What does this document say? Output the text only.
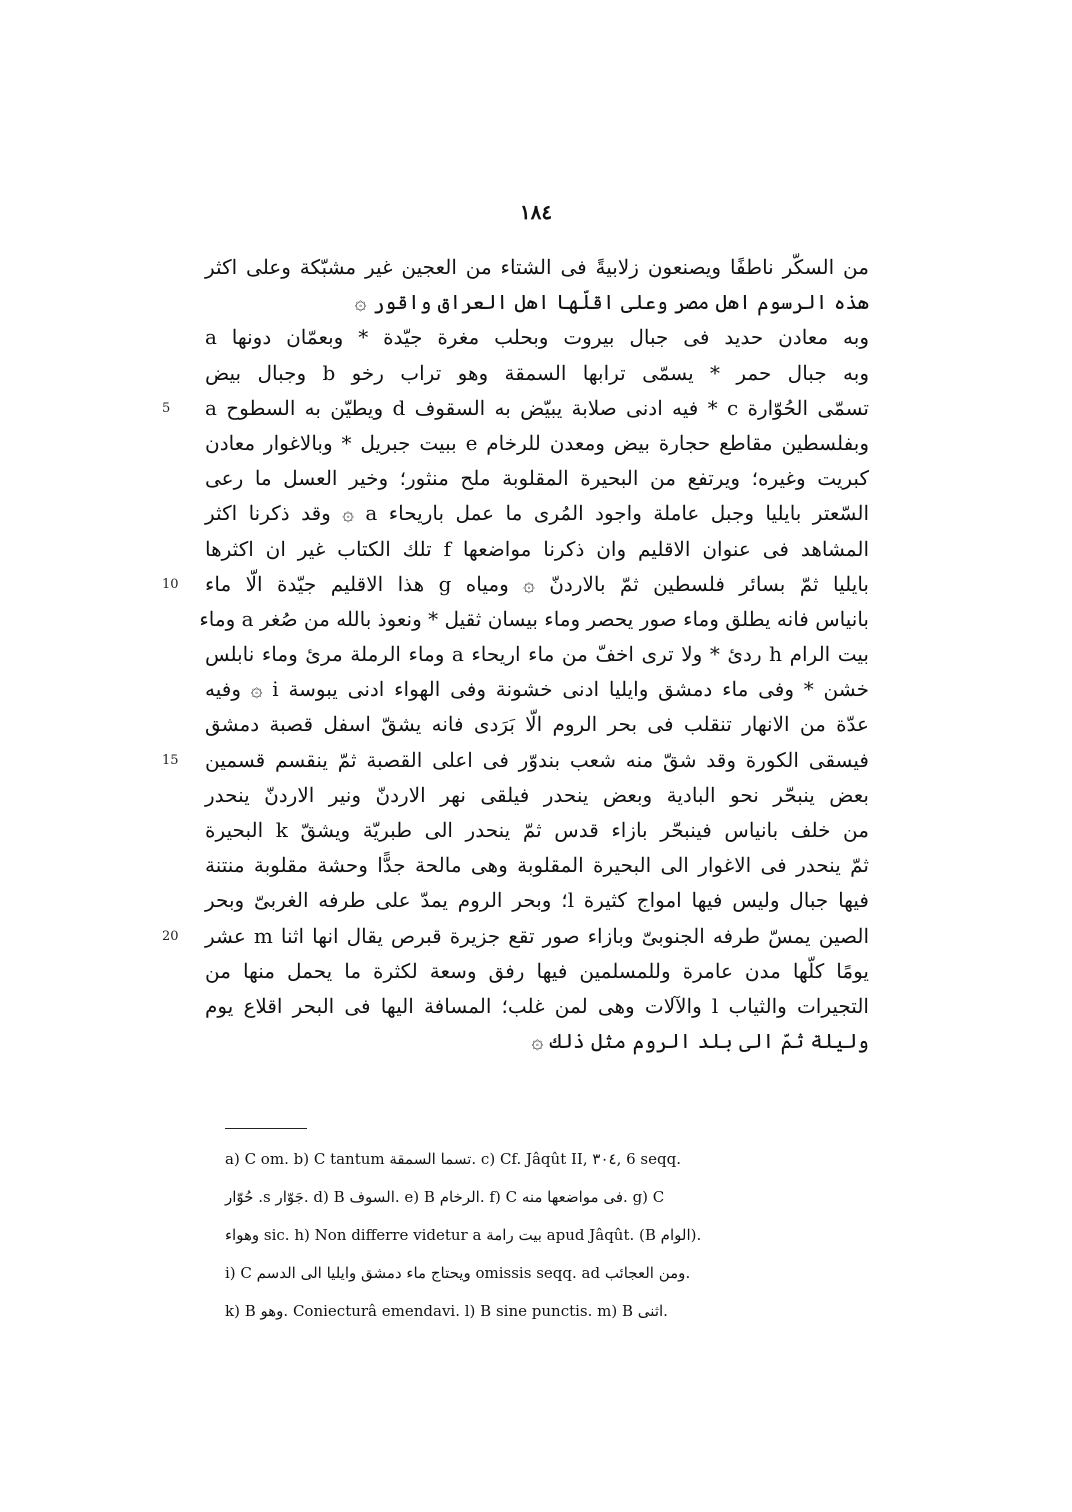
١٨٤
من السكّر ناطفًا ويصنعون زلابيةً فى الشتاء من العجين غير مشبّكة وعلى اكثر
هذه الرسوم اهل مصر وعلى اقلّها اهل العراق واقور ۞
وبه معادن حديد فى جبال بيروت وبحلب مغرة جيّدة * وبعمّان دونها a
وبه جبال حمر * يسمّى ترابها السمقة وهو تراب رخو b وجبال بيض
5	تسمّى الحُوّارة c * فيه ادنى صلابة يبيّض به السقوف d ويطيّن به السطوح a
وبفلسطين مقاطع حجارة بيض ومعدن للرخام e ببيت جبريل * وبالاغوار معادن
كبريت وغيره؛ ويرتفع من البحيرة المقلوبة ملح منثور؛ وخير العسل ما رعى
السّعتر بايليا وجبل عاملة واجود المُرى ما عمل باريحاء a ۞ وقد ذكرنا اكثر
المشاهد فى عنوان الاقليم وان ذكرنا مواضعها f تلك الكتاب غير ان اكثرها
10	بايليا ثمّ بسائر فلسطين ثمّ بالاردنّ ۞ ومياه g هذا الاقليم جيّدة الّا ماء
بانياس فانه يطلق وماء صور يحصر وماء بيسان ثقيل * ونعوذ بالله من صُغر a وماء
بيت الرام h ردئ * ولا ترى اخفّ من ماء اريحاء a وماء الرملة مرئ وماء نابلس
خشن * وفى ماء دمشق وايليا ادنى خشونة وفى الهواء ادنى يبوسة i ۞ وفيه
عدّة من الانهار تنقلب فى بحر الروم الّا بَرَدى فانه يشقّ اسفل قصبة دمشق
15	فيسقى الكورة وقد شقّ منه شعب بندوّر فى اعلى القصبة ثمّ ينقسم قسمين
بعض ينبحّر نحو البادية وبعض ينحدر فيلقى نهر الاردنّ ونير الاردنّ ينحدر
من خلف بانياس فينبحّر بازاء قدس ثمّ ينحدر الى طبريّة ويشقّ k البحيرة
ثمّ ينحدر فى الاغوار الى البحيرة المقلوبة وهى مالحة جدًّا وحشة مقلوبة منتنة
فيها جبال وليس فيها امواج كثيرة l؛ وبحر الروم يمدّ على طرفه الغربىّ وبحر
20	الصين يمسّ طرفه الجنوبىّ وبازاء صور تقع جزيرة قبرص يقال انها اثنا m عشر
يومًا كلّها مدن عامرة وللمسلمين فيها رفق وسعة لكثرة ما يحمل منها من
التجيرات والثياب l والآلات وهى لمن غلب؛ المسافة اليها فى البحر اقلاع يوم
وليلة ثمّ الى بلد الروم مثل ذلك ۞
a) C om. b) C tantum تسما السمقة. c) Cf. Jâqût II, ٣٠٤, 6 seqq.
حُوّار .s جَوّار. d) B السوف. e) B الرخام. f) C فى مواضعها منه. g) C
وهواء sic. h) Non differre videtur a بيت رامة apud Jâqût. (B الوام).
i) C ويحتاج ماء دمشق وايليا الى الدسم omissis seqq. ad ومن العجائب.
k) B وهو. Coniecturâ emendavi. l) B sine punctis. m) B اثنى.
